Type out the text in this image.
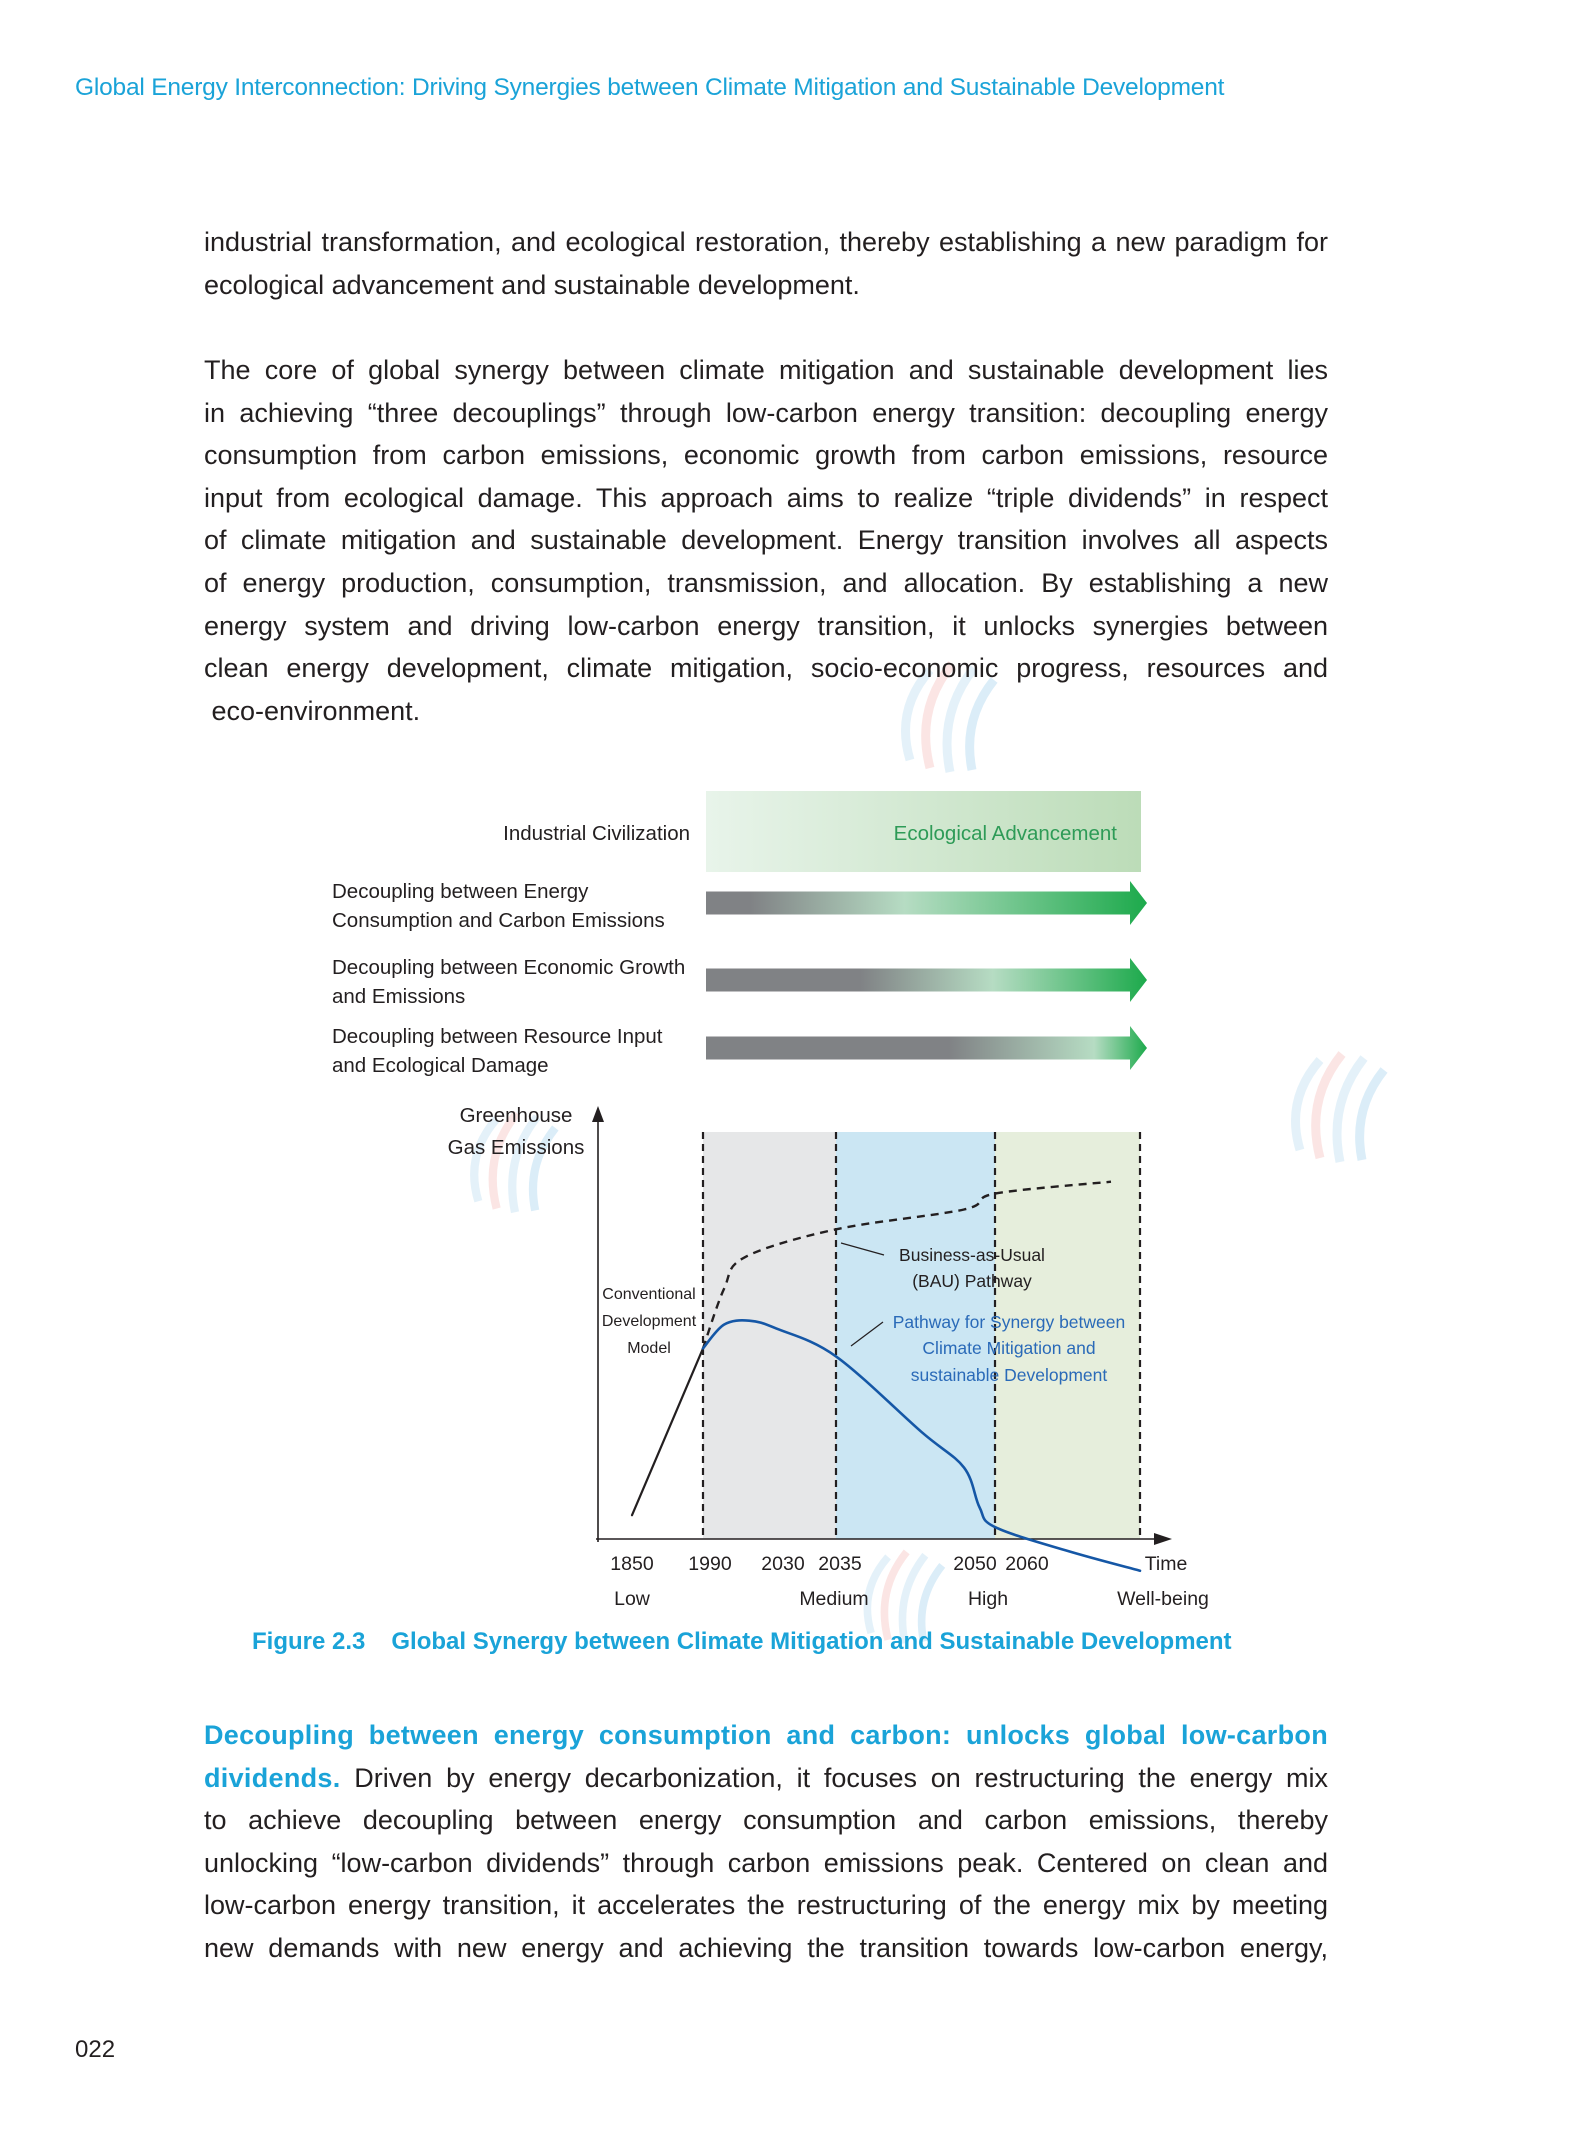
Global Energy Interconnection: Driving Synergies between Climate Mitigation and Sustainable Development
industrial transformation, and ecological restoration, thereby establishing a new paradigm for
ecological advancement and sustainable development.
The core of global synergy between climate mitigation and sustainable development lies
in achieving “three decouplings” through low-carbon energy transition: decoupling energy
consumption from carbon emissions, economic growth from carbon emissions, resource
input from ecological damage. This approach aims to realize “triple dividends” in respect
of climate mitigation and sustainable development. Energy transition involves all aspects
of energy production, consumption, transmission, and allocation. By establishing a new
energy system and driving low-carbon energy transition, it unlocks synergies between
clean energy development, climate mitigation, socio-economic progress, resources and
eco-environment.
Industrial Civilization	Ecological Advancement
Decoupling between Energy
Consumption and Carbon Emissions
Decoupling between Economic Growth
and Emissions
Decoupling between Resource Input
and Ecological Damage
Greenhouse
Gas Emissions
Conventional
Development
Model
Business-as-Usual
(BAU) Pathway
Pathway for Synergy between
Climate Mitigation and
sustainable Development
1850 1990 2030 2035	2050 2060	Time
Low	Medium	High	Well-being
Figure 2.3 Global Synergy between Climate Mitigation and Sustainable Development
Decoupling between energy consumption and carbon: unlocks global low-carbon
dividends. Driven by energy decarbonization, it focuses on restructuring the energy mix
to achieve decoupling between energy consumption and carbon emissions, thereby
unlocking “low-carbon dividends” through carbon emissions peak. Centered on clean and
low-carbon energy transition, it accelerates the restructuring of the energy mix by meeting
new demands with new energy and achieving the transition towards low-carbon energy,
022
